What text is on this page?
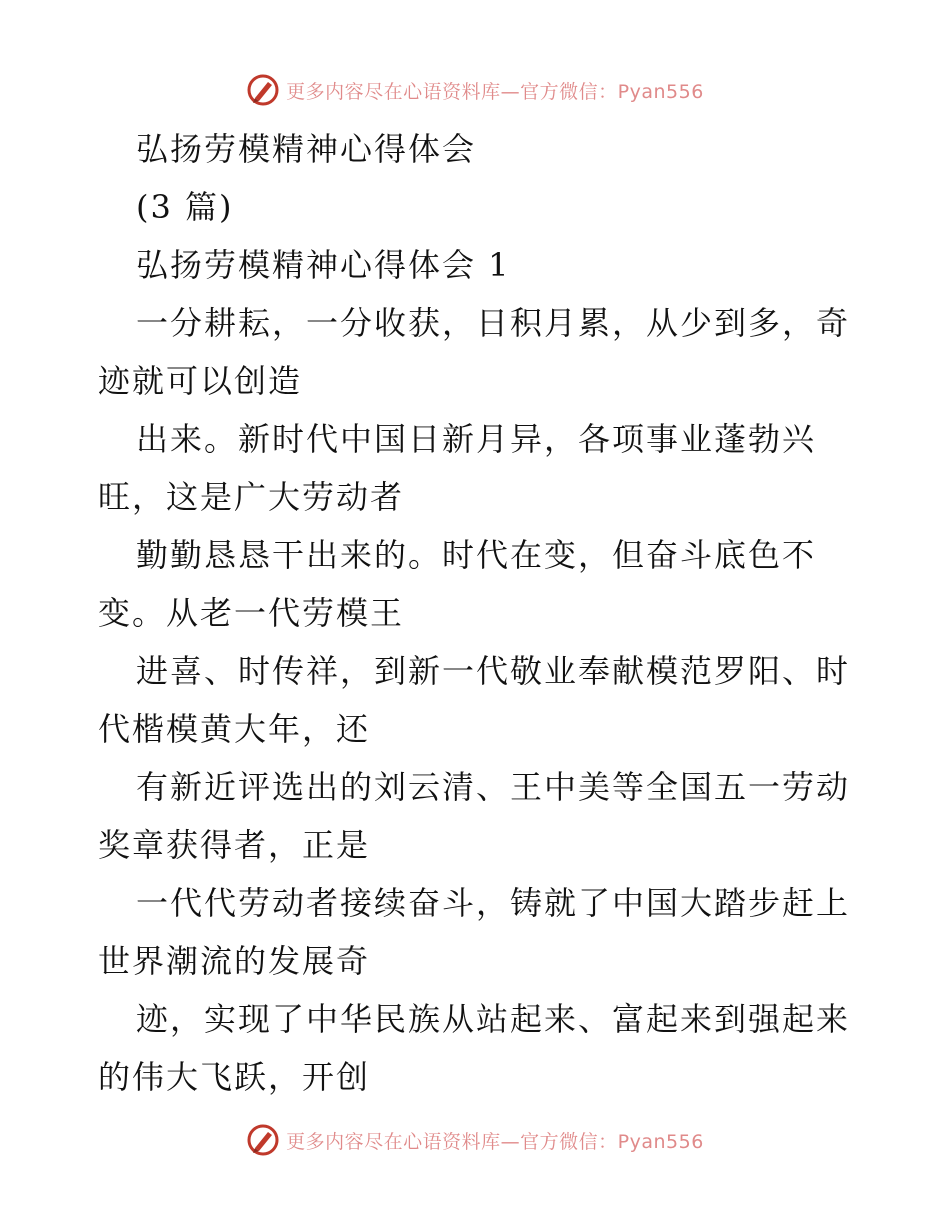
更多内容尽在心语资料库—官方微信：Pyan556
弘扬劳模精神心得体会
(3 篇)
弘扬劳模精神心得体会 1
一分耕耘，一分收获，日积月累，从少到多，奇
迹就可以创造
出来。新时代中国日新月异，各项事业蓬勃兴
旺，这是广大劳动者
勤勤恳恳干出来的。时代在变，但奋斗底色不
变。从老一代劳模王
进喜、时传祥，到新一代敬业奉献模范罗阳、时
代楷模黄大年，还
有新近评选出的刘云清、王中美等全国五一劳动
奖章获得者，正是
一代代劳动者接续奋斗，铸就了中国大踏步赶上
世界潮流的发展奇
迹，实现了中华民族从站起来、富起来到强起来
的伟大飞跃，开创
更多内容尽在心语资料库—官方微信：Pyan556
